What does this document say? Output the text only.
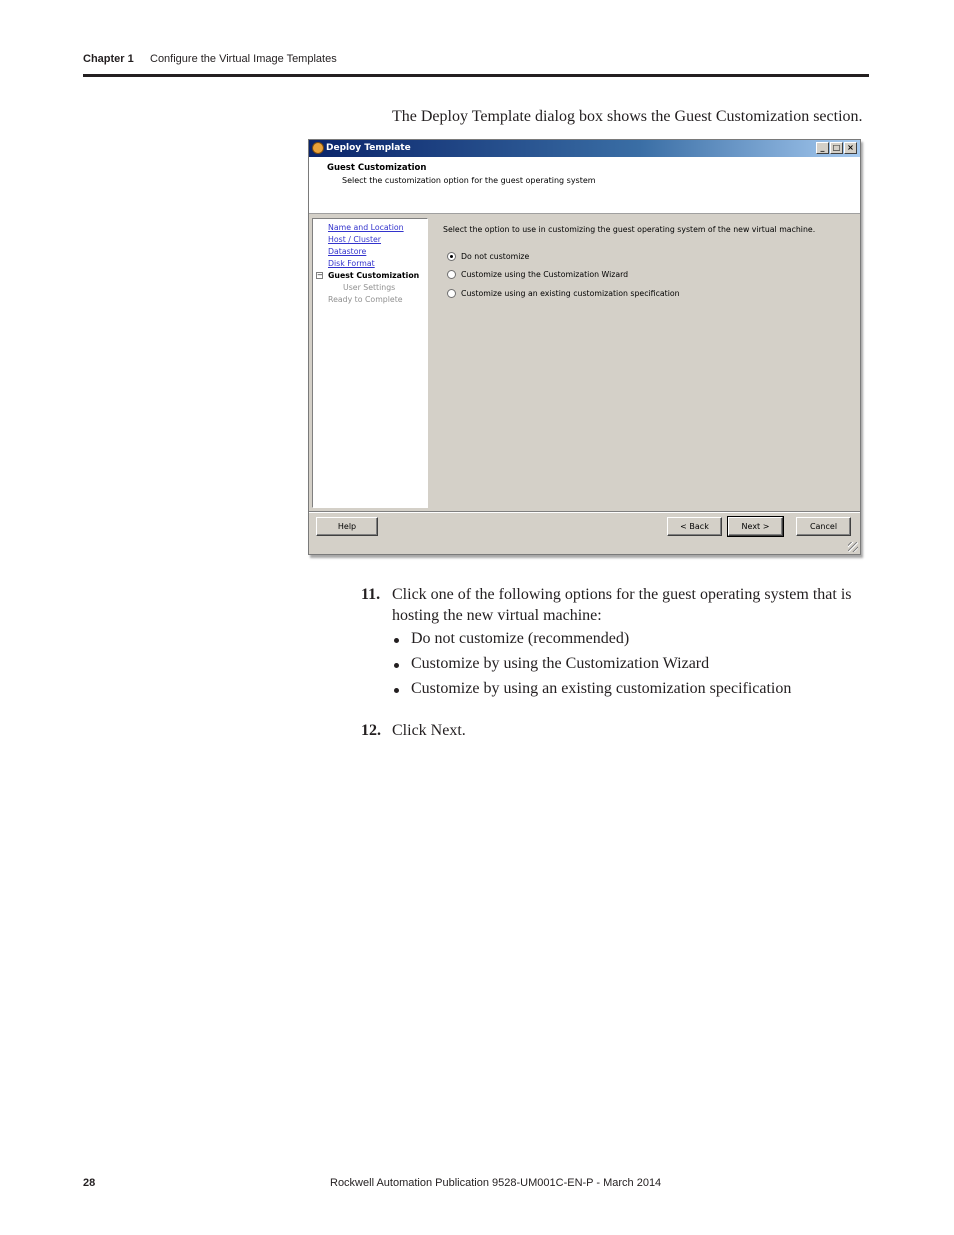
Chapter 1 Configure the Virtual Image Templates

The Deploy Template dialog box shows the Guest Customization section.

Deploy Template	_	□ ×
Guest Customization
Select the customization option for the guest operating system
Name and Location
Host / Cluster
Datastore
Disk Format
− Guest Customization
User Settings
Ready to Complete
Select the option to use in customizing the guest operating system of the new virtual machine.
Do not customize
Customize using the Customization Wizard
Customize using an existing customization specification
Help	< Back	Next >	Cancel
11. Click one of the following options for the guest operating system that is hosting the new virtual machine:
Do not customize (recommended)
Customize by using the Customization Wizard
Customize by using an existing customization specification
12. Click Next.
28	Rockwell Automation Publication 9528-UM001C-EN-P - March 2014
